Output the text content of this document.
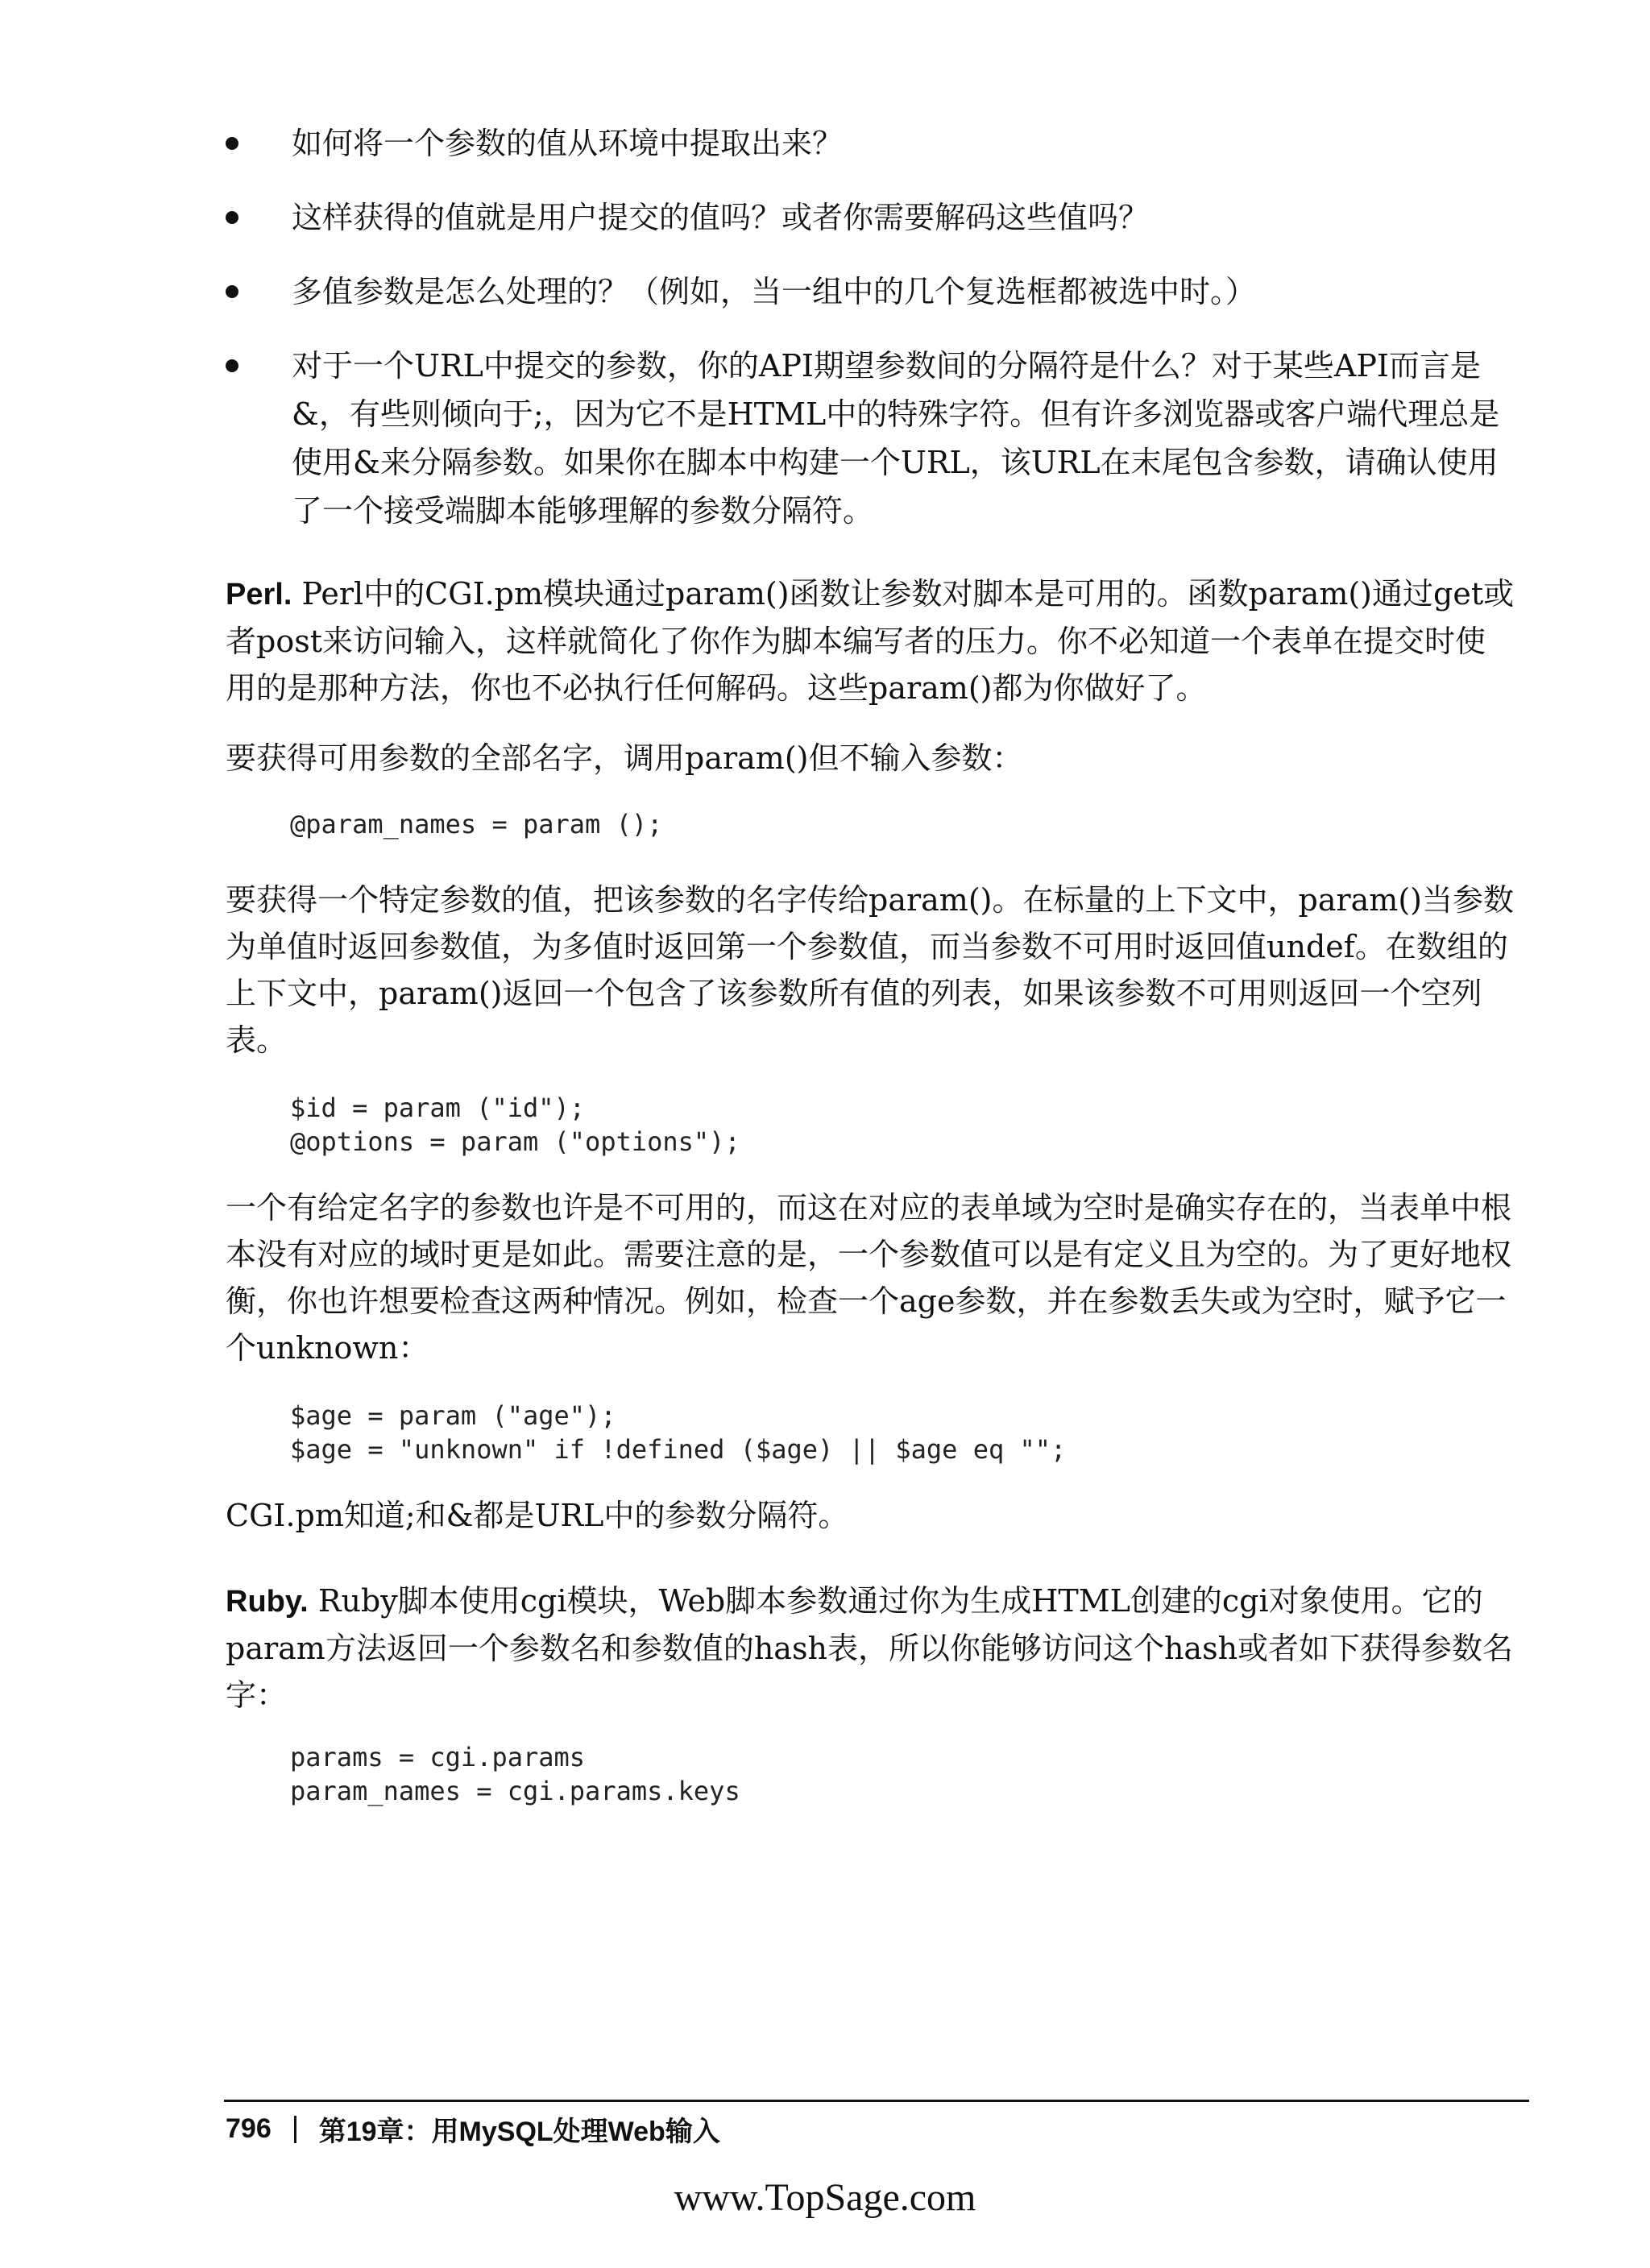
如何将一个参数的值从环境中提取出来？
这样获得的值就是用户提交的值吗？或者你需要解码这些值吗？
多值参数是怎么处理的？（例如，当一组中的几个复选框都被选中时。）
对于一个URL中提交的参数，你的API期望参数间的分隔符是什么？对于某些API而言是&，有些则倾向于;，因为它不是HTML中的特殊字符。但有许多浏览器或客户端代理总是使用&来分隔参数。如果你在脚本中构建一个URL，该URL在末尾包含参数，请确认使用了一个接受端脚本能够理解的参数分隔符。

Perl. Perl中的CGI.pm模块通过param()函数让参数对脚本是可用的。函数param()通过get或者post来访问输入，这样就简化了你作为脚本编写者的压力。你不必知道一个表单在提交时使用的是那种方法，你也不必执行任何解码。这些param()都为你做好了。

要获得可用参数的全部名字，调用param()但不输入参数：

@param_names = param ();

要获得一个特定参数的值，把该参数的名字传给param()。在标量的上下文中，param()当参数为单值时返回参数值，为多值时返回第一个参数值，而当参数不可用时返回值undef。在数组的上下文中，param()返回一个包含了该参数所有值的列表，如果该参数不可用则返回一个空列表。

$id = param ("id");
@options = param ("options");

一个有给定名字的参数也许是不可用的，而这在对应的表单域为空时是确实存在的，当表单中根本没有对应的域时更是如此。需要注意的是，一个参数值可以是有定义且为空的。为了更好地权衡，你也许想要检查这两种情况。例如，检查一个age参数，并在参数丢失或为空时，赋予它一个unknown：

$age = param ("age");
$age = "unknown" if !defined ($age) || $age eq "";

CGI.pm知道;和&都是URL中的参数分隔符。

Ruby. Ruby脚本使用cgi模块，Web脚本参数通过你为生成HTML创建的cgi对象使用。它的param方法返回一个参数名和参数值的hash表，所以你能够访问这个hash或者如下获得参数名字：

params = cgi.params
param_names = cgi.params.keys
796 第19章：用MySQL处理Web输入
www.TopSage.com
